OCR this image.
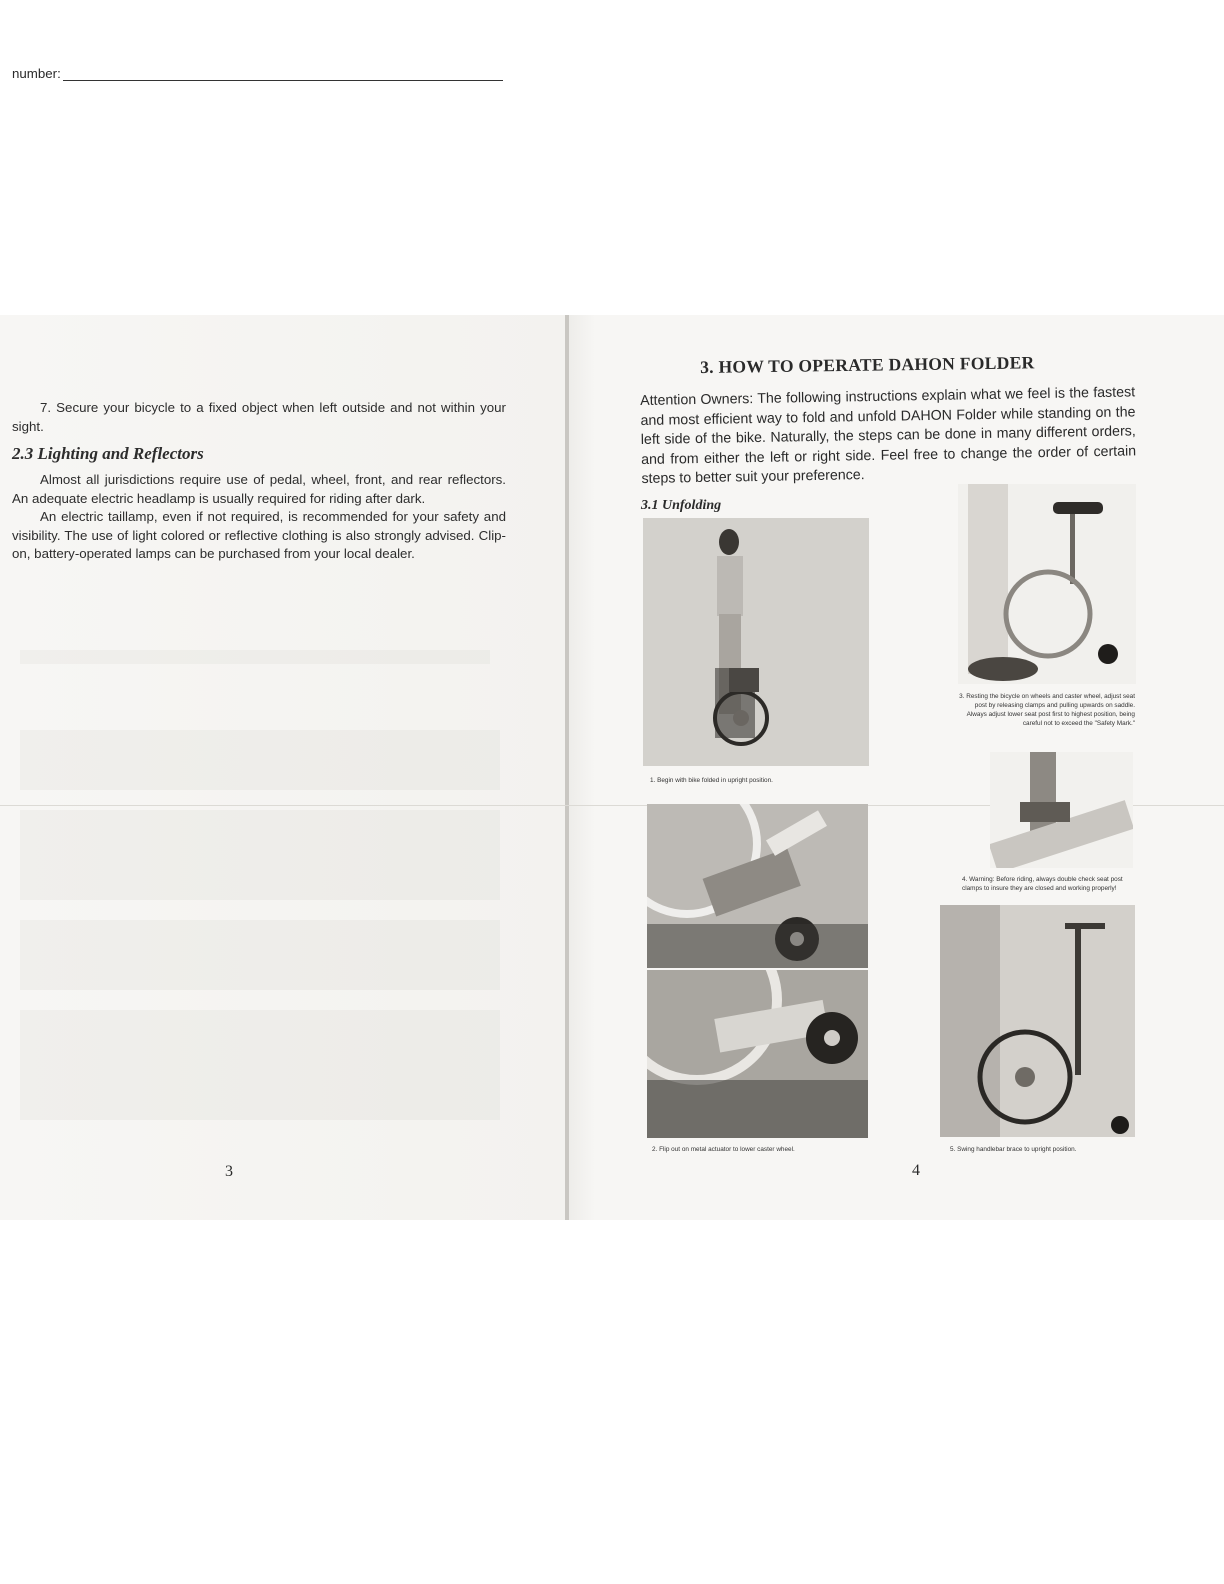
number:
7. Secure your bicycle to a fixed object when left outside and not within your sight.
2.3 Lighting and Reflectors
Almost all jurisdictions require use of pedal, wheel, front, and rear reflectors. An adequate electric headlamp is usually required for riding after dark.
An electric taillamp, even if not required, is recommended for your safety and visibility. The use of light colored or reflective clothing is also strongly advised. Clip-on, battery-operated lamps can be purchased from your local dealer.
3
3. HOW TO OPERATE DAHON FOLDER
Attention Owners: The following instructions explain what we feel is the fastest and most efficient way to fold and unfold DAHON Folder while standing on the left side of the bike. Naturally, the steps can be done in many different orders, and from either the left or right side. Feel free to change the order of certain steps to better suit your preference.
3.1 Unfolding
1. Begin with bike folded in upright position.
2. Flip out on metal actuator to lower caster wheel.
3. Resting the bicycle on wheels and caster wheel, adjust seat post by releasing clamps and pulling upwards on saddle. Always adjust lower seat post first to highest position, being careful not to exceed the "Safety Mark."
4. Warning: Before riding, always double check seat post clamps to insure they are closed and working properly!
5. Swing handlebar brace to upright position.
4
